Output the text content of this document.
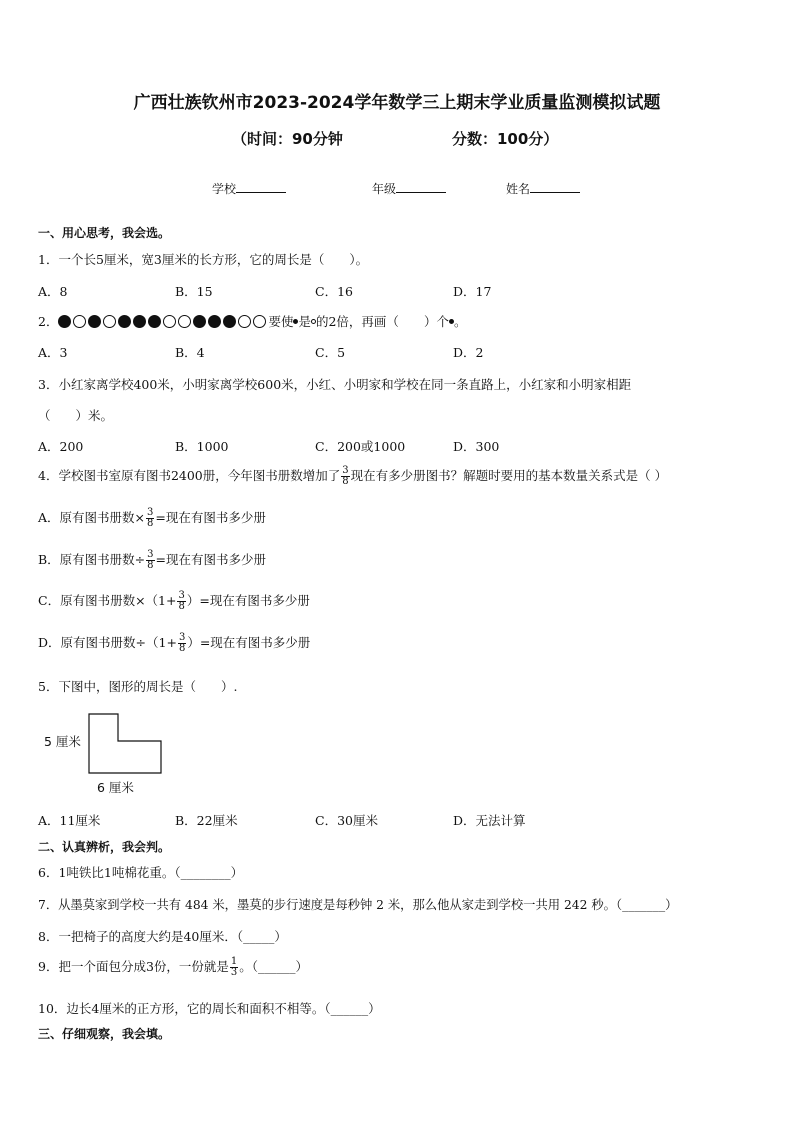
广西壮族钦州市2023-2024学年数学三上期末学业质量监测模拟试题
（时间：90分钟	分数：100分）
学校	年级	姓名
一、用心思考，我会选。
1．一个长5厘米，宽3厘米的长方形，它的周长是（　　）。
A．8	B．15	C．16	D．17
2．	要使 是 的2倍，再画（　　）个 。
A．3	B．4	C．5	D．2
3．小红家离学校400米，小明家离学校600米，小红、小明家和学校在同一条直路上，小红家和小明家相距
（　　）米。
A．200	B．1000	C．200或1000	D．300
4．学校图书室原有图书2400册，今年图书册数增加了 $\frac{3}{8}$ 现在有多少册图书？解题时要用的基本数量关系式是（ ）
A．原有图书册数× $\frac{3}{8}$ =现在有图书多少册
B．原有图书册数÷ $\frac{3}{8}$ =现在有图书多少册
C．原有图书册数$\times(1+ \frac{3}{8}$ ）=现在有图书多少册
D．原有图书册数$\div(1+ \frac{3}{8}$ ）=现在有图书多少册
5．下图中，图形的周长是（　　）.
5 厘米
6 厘米
A．11厘米	B．22厘米	C．30厘米	D．无法计算
二、认真辨析，我会判。
6．1吨铁比1吨棉花重。（________）
7．从墨莫家到学校一共有 484 米，墨莫的步行速度是每秒钟 2 米，那么他从家走到学校一共用 242 秒。（_______）
8．一把椅子的高度大约是40厘米．（_____）
9．把一个面包分成3份，一份就是 $\frac{1}{3}$ 。（______）
10．边长4厘米的正方形，它的周长和面积不相等。（______）
三、仔细观察，我会填。
